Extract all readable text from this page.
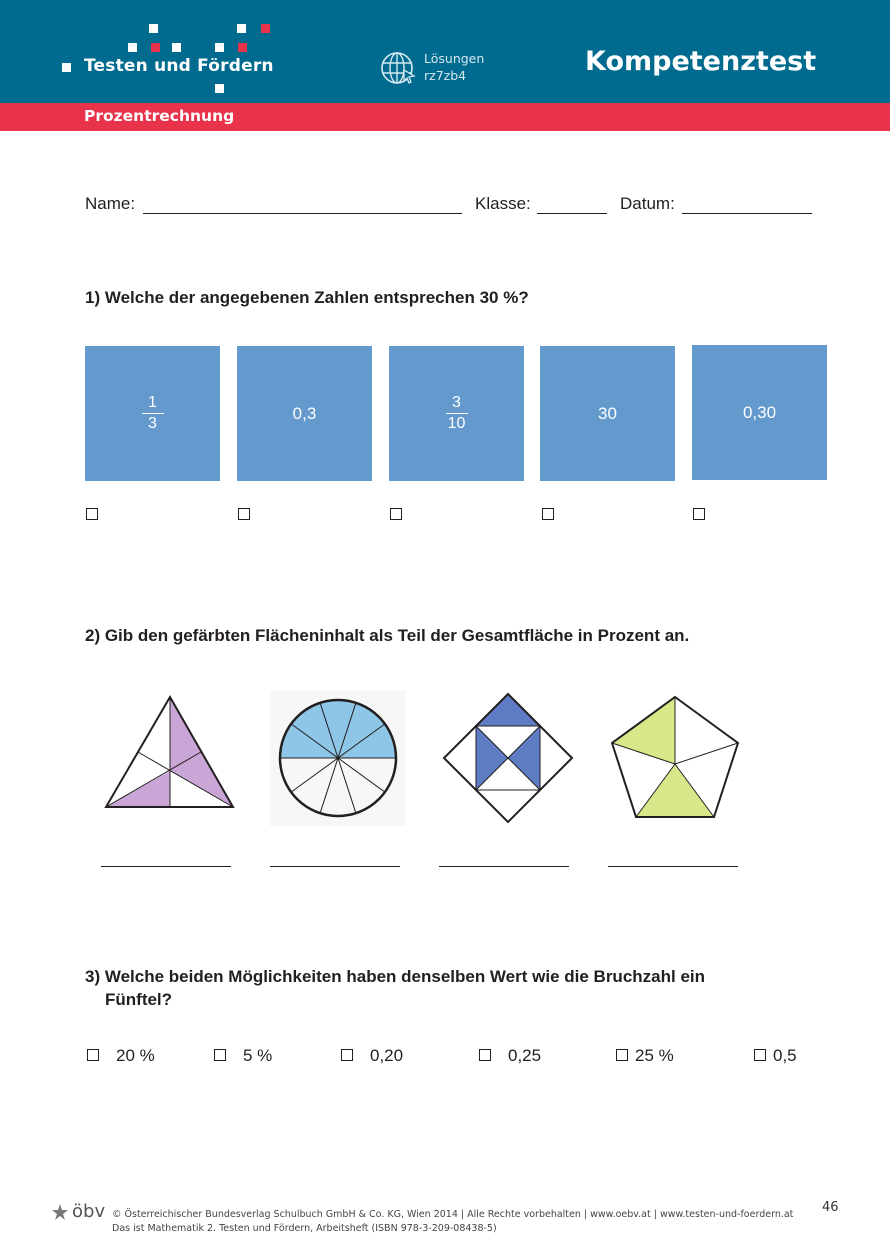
Testen und Fördern	Lösungen
rz7zb4	Kompetenztest
Prozentrechnung
Name:	Klasse:	Datum:
1) Welche der angegebenen Zahlen entsprechen 30 %?
$\frac{1}{3}$	0,3	$\frac{3}{10}$	30	0,30
2) Gib den gefärbten Flächeninhalt als Teil der Gesamtfläche in Prozent an.
3) Welche beiden Möglichkeiten haben denselben Wert wie die Bruchzahl ein
Fünftel?
20 %	5 %	0,20	0,25	25 %	0,5
öbv © Österreichischer Bundesverlag Schulbuch GmbH & Co. KG, Wien 2014 | Alle Rechte vorbehalten | www.oebv.at | www.testen-und-foerdern.at
Das ist Mathematik 2. Testen und Fördern, Arbeitsheft (ISBN 978-3-209-08438-5)
46
